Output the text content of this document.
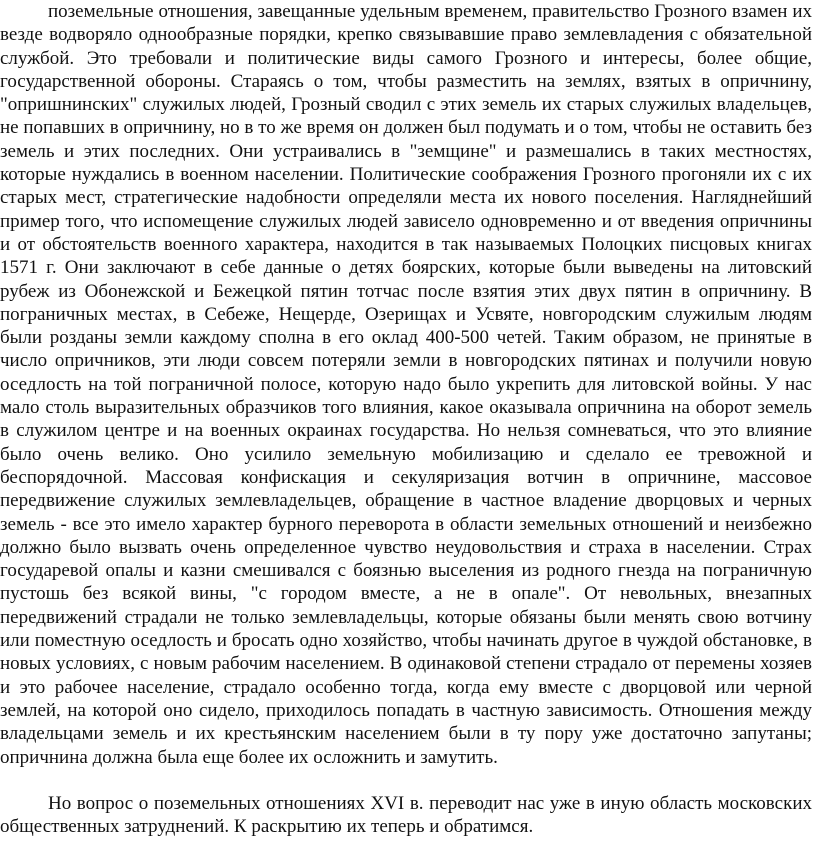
поземельные отношения, завещанные удельным временем, правительство Грозного взамен их везде водворяло однообразные порядки, крепко связывавшие право землевладения с обязательной службой. Это требовали и политические виды самого Грозного и интересы, более общие, государственной обороны. Стараясь о том, чтобы разместить на землях, взятых в опричнину, "опришнинских" служилых людей, Грозный сводил с этих земель их старых служилых владельцев, не попавших в опричнину, но в то же время он должен был подумать и о том, чтобы не оставить без земель и этих последних. Они устраивались в "земщине" и размешались в таких местностях, которые нуждались в военном населении. Политические соображения Грозного прогоняли их с их старых мест, стратегические надобности определяли места их нового поселения. Нагляднейший пример того, что испомещение служилых людей зависело одновременно и от введения опричнины и от обстоятельств военного характера, находится в так называемых Полоцких писцовых книгах 1571 г. Они заключают в себе данные о детях боярских, которые были выведены на литовский рубеж из Обонежской и Бежецкой пятин тотчас после взятия этих двух пятин в опричнину. В пограничных местах, в Себеже, Нещерде, Озерищах и Усвяте, новгородским служилым людям были розданы земли каждому сполна в его оклад 400-500 четей. Таким образом, не принятые в число опричников, эти люди совсем потеряли земли в новгородских пятинах и получили новую оседлость на той пограничной полосе, которую надо было укрепить для литовской войны. У нас мало столь выразительных образчиков того влияния, какое оказывала опричнина на оборот земель в служилом центре и на военных окраинах государства. Но нельзя сомневаться, что это влияние было очень велико. Оно усилило земельную мобилизацию и сделало ее тревожной и беспорядочной. Массовая конфискация и секуляризация вотчин в опричнине, массовое передвижение служилых землевладельцев, обращение в частное владение дворцовых и черных земель - все это имело характер бурного переворота в области земельных отношений и неизбежно должно было вызвать очень определенное чувство неудовольствия и страха в населении. Страх государевой опалы и казни смешивался с боязнью выселения из родного гнезда на пограничную пустошь без всякой вины, "с городом вместе, а не в опале". От невольных, внезапных передвижений страдали не только землевладельцы, которые обязаны были менять свою вотчину или поместную оседлость и бросать одно хозяйство, чтобы начинать другое в чуждой обстановке, в новых условиях, с новым рабочим населением. В одинаковой степени страдало от перемены хозяев и это рабочее население, страдало особенно тогда, когда ему вместе с дворцовой или черной землей, на которой оно сидело, приходилось попадать в частную зависимость. Отношения между владельцами земель и их крестьянским населением были в ту пору уже достаточно запутаны; опричнина должна была еще более их осложнить и замутить.

Но вопрос о поземельных отношениях XVI в. переводит нас уже в иную область московских общественных затруднений. К раскрытию их теперь и обратимся.
